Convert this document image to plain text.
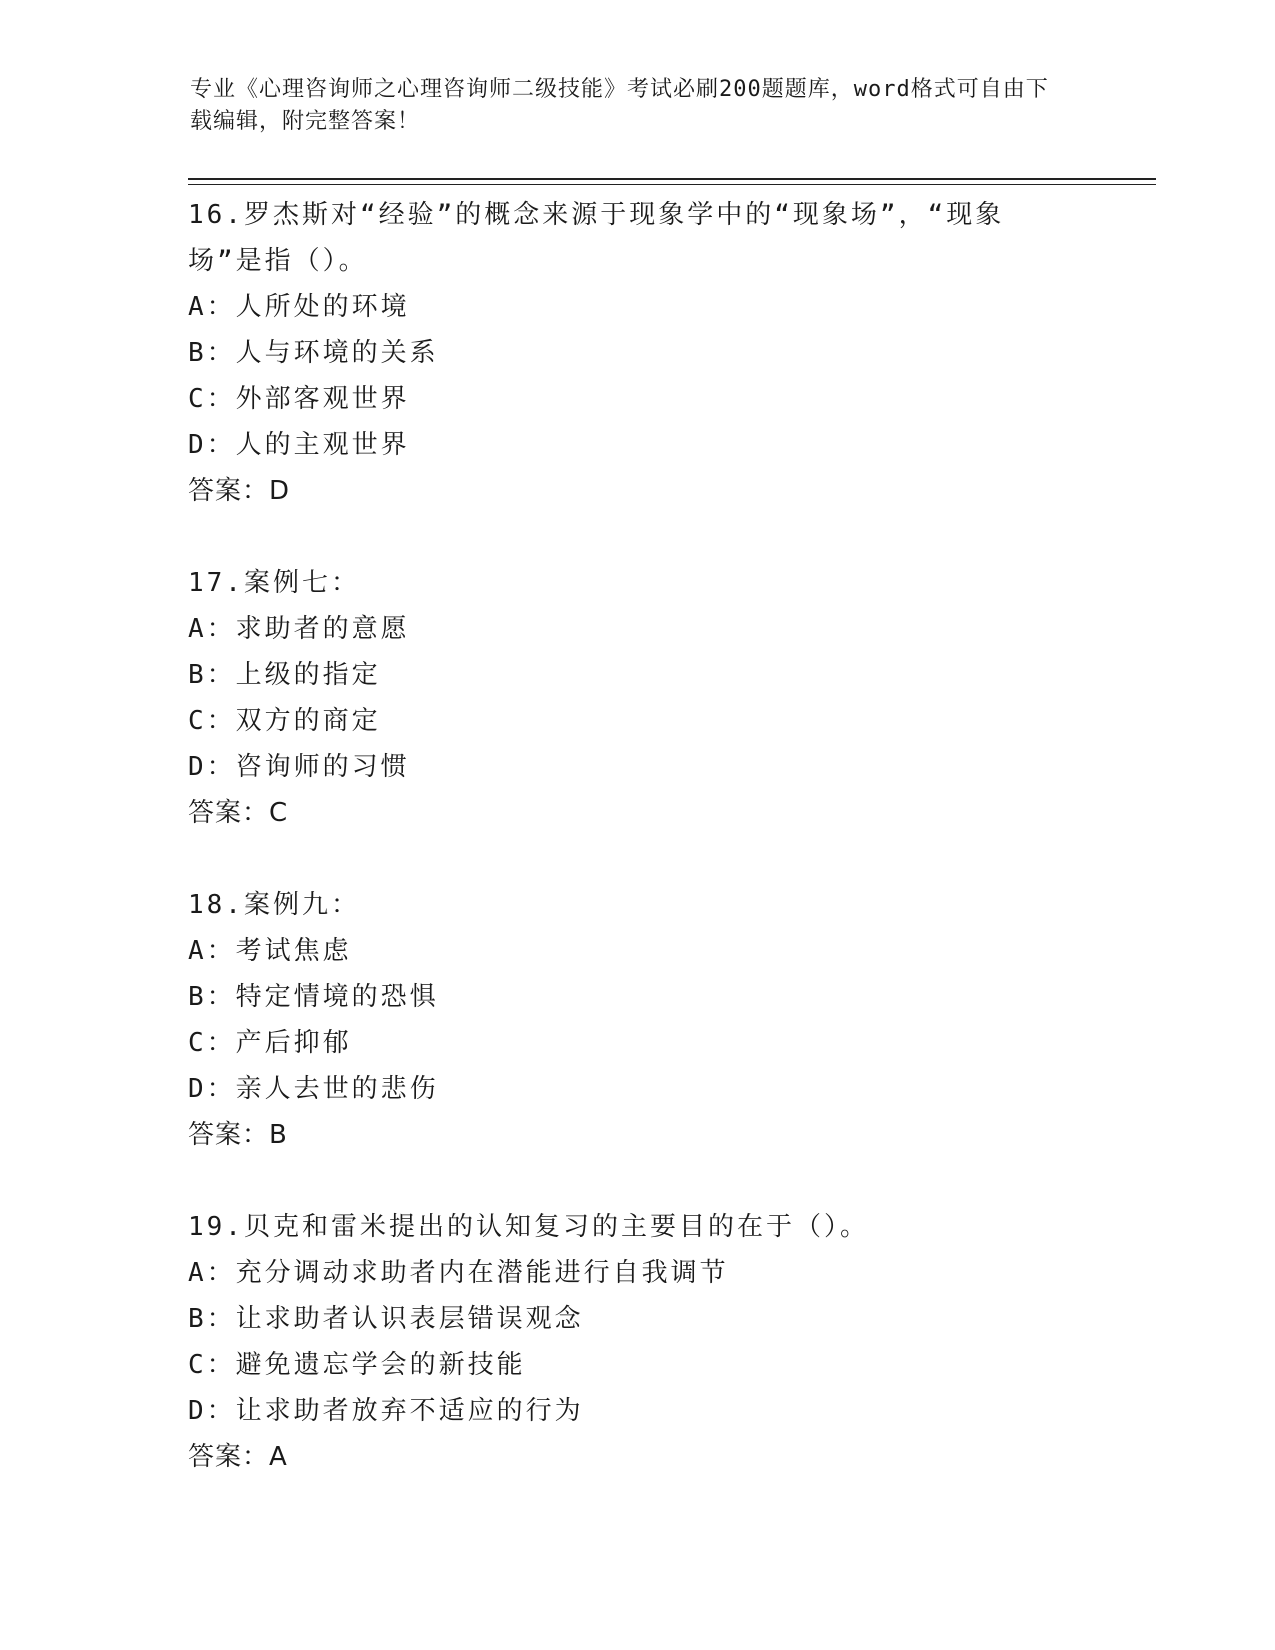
专业《心理咨询师之心理咨询师二级技能》考试必刷200题题库，word格式可自由下载编辑，附完整答案！

16.罗杰斯对“经验”的概念来源于现象学中的“现象场”，“现象场”是指（）。

A：人所处的环境

B：人与环境的关系

C：外部客观世界

D：人的主观世界

答案：D

17.案例七：

A：求助者的意愿

B：上级的指定

C：双方的商定

D：咨询师的习惯

答案：C

18.案例九：

A：考试焦虑

B：特定情境的恐惧

C：产后抑郁

D：亲人去世的悲伤

答案：B

19.贝克和雷米提出的认知复习的主要目的在于（）。

A：充分调动求助者内在潜能进行自我调节

B：让求助者认识表层错误观念

C：避免遗忘学会的新技能

D：让求助者放弃不适应的行为

答案：A
